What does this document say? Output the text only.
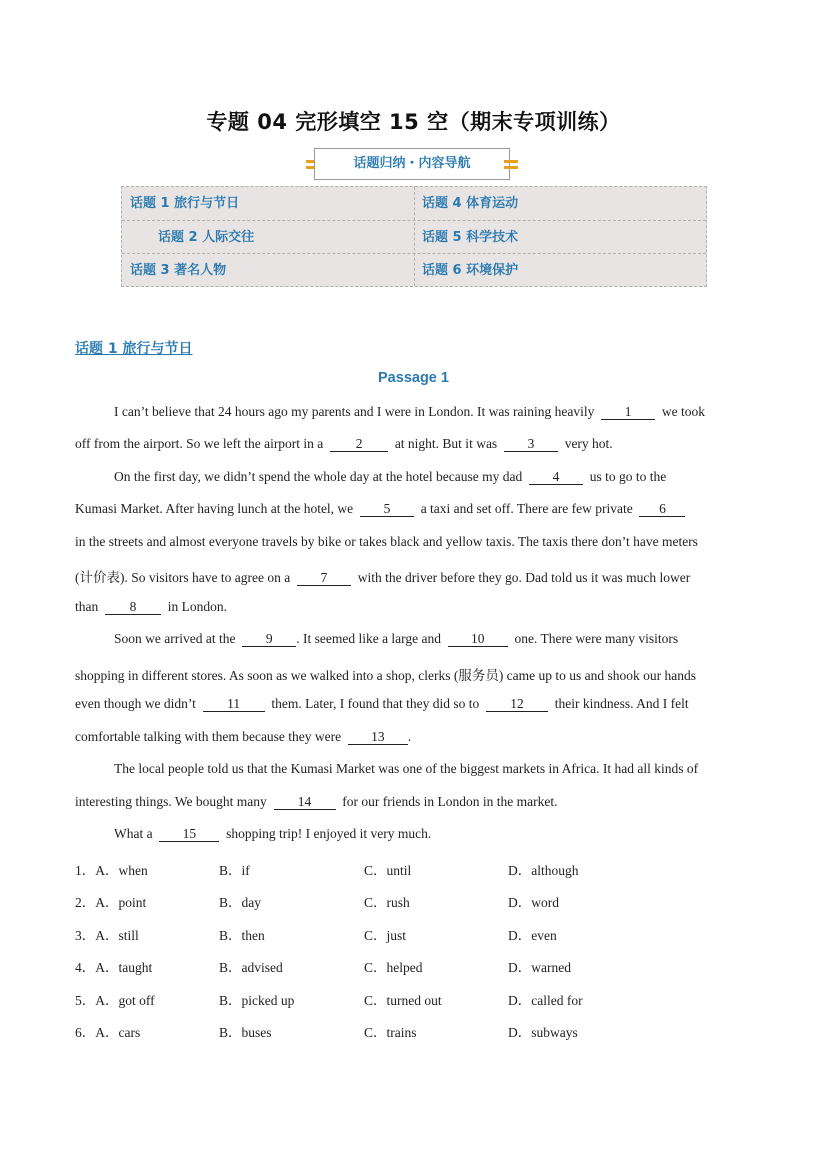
专题 04 完形填空 15 空（期末专项训练）
话题归纳・内容导航
话题 1 旅行与节日	话题 4 体育运动
话题 2 人际交往	话题 5 科学技术
话题 3 著名人物	话题 6 环境保护
话题 1 旅行与节日
Passage 1
I can’t believe that 24 hours ago my parents and I were in London. It was raining heavily 1 we took
off from the airport. So we left the airport in a 2 at night. But it was 3 very hot.
On the first day, we didn’t spend the whole day at the hotel because my dad 4 us to go to the
Kumasi Market. After having lunch at the hotel, we 5 a taxi and set off. There are few private 6
in the streets and almost everyone travels by bike or takes black and yellow taxis. The taxis there don’t have meters
(计价表). So visitors have to agree on a 7 with the driver before they go. Dad told us it was much lower
than 8 in London.
Soon we arrived at the 9 . It seemed like a large and 10 one. There were many visitors
shopping in different stores. As soon as we walked into a shop, clerks (服务员) came up to us and shook our hands
even though we didn’t 11 them. Later, I found that they did so to 12 their kindness. And I felt
comfortable talking with them because they were 13 .
The local people told us that the Kumasi Market was one of the biggest markets in Africa. It had all kinds of
interesting things. We bought many 14 for our friends in London in the market.
What a 15 shopping trip! I enjoyed it very much.
1．A．when	B．if	C．until	D．although
2．A．point	B．day	C．rush	D．word
3．A．still	B．then	C．just	D．even
4．A．taught	B．advised	C．helped	D．warned
5．A．got off	B．picked up	C．turned out	D．called for
6．A．cars	B．buses	C．trains	D．subways
